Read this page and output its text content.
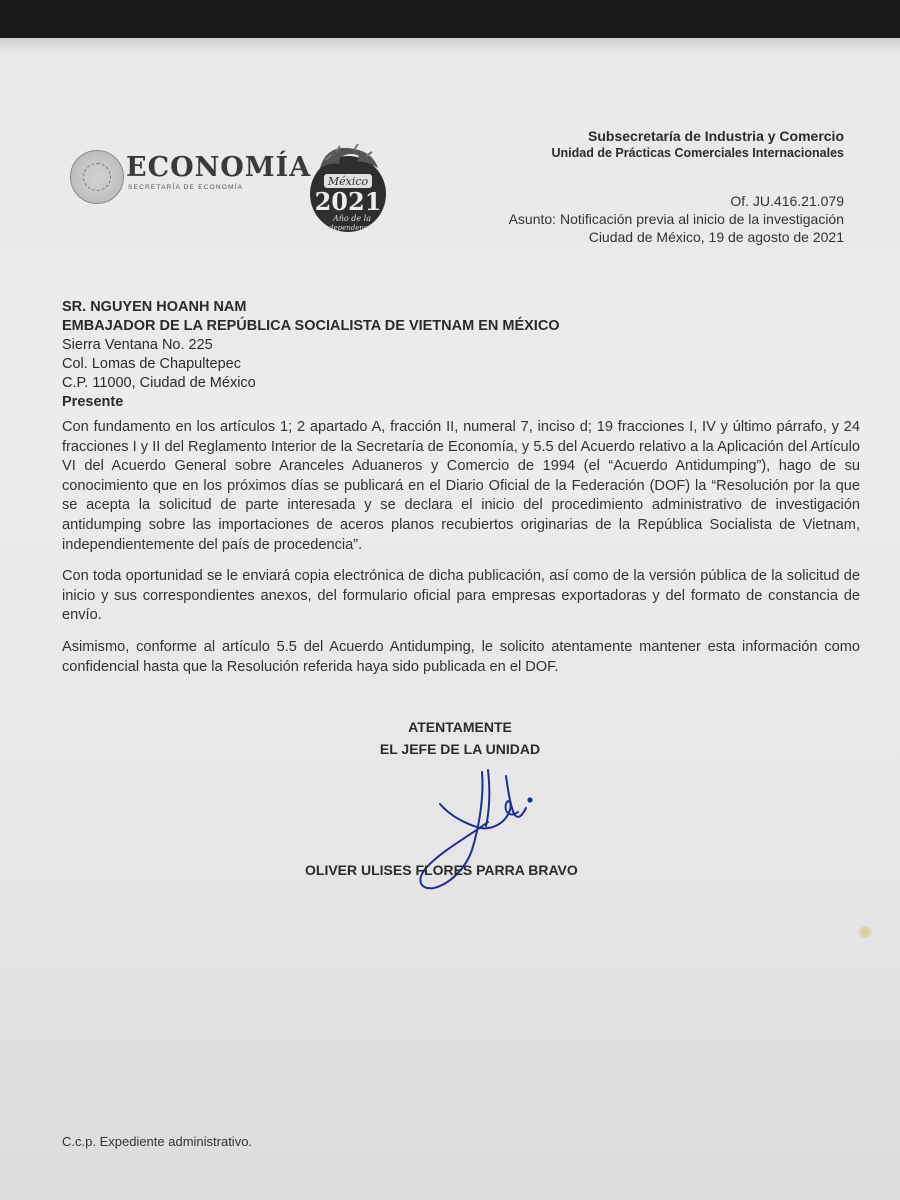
ECONOMÍA
SECRETARÍA DE ECONOMÍA	México
2021
Año de la
Independencia
Subsecretaría de Industria y Comercio
Unidad de Prácticas Comerciales Internacionales
Of. JU.416.21.079
Asunto: Notificación previa al inicio de la investigación
Ciudad de México, 19 de agosto de 2021
SR. NGUYEN HOANH NAM
EMBAJADOR DE LA REPÚBLICA SOCIALISTA DE VIETNAM EN MÉXICO
Sierra Ventana No. 225
Col. Lomas de Chapultepec
C.P. 11000, Ciudad de México
Presente

Con fundamento en los artículos 1; 2 apartado A, fracción II, numeral 7, inciso d; 19 fracciones I, IV y último párrafo, y 24 fracciones I y II del Reglamento Interior de la Secretaría de Economía, y 5.5 del Acuerdo relativo a la Aplicación del Artículo VI del Acuerdo General sobre Aranceles Aduaneros y Comercio de 1994 (el “Acuerdo Antidumping”), hago de su conocimiento que en los próximos días se publicará en el Diario Oficial de la Federación (DOF) la “Resolución por la que se acepta la solicitud de parte interesada y se declara el inicio del procedimiento administrativo de investigación antidumping sobre las importaciones de aceros planos recubiertos originarias de la República Socialista de Vietnam, independientemente del país de procedencia”.

Con toda oportunidad se le enviará copia electrónica de dicha publicación, así como de la versión pública de la solicitud de inicio y sus correspondientes anexos, del formulario oficial para empresas exportadoras y del formato de constancia de envío.

Asimismo, conforme al artículo 5.5 del Acuerdo Antidumping, le solicito atentamente mantener esta información como confidencial hasta que la Resolución referida haya sido publicada en el DOF.

ATENTAMENTE
EL JEFE DE LA UNIDAD
OLIVER ULISES FLORES PARRA BRAVO
C.c.p. Expediente administrativo.
